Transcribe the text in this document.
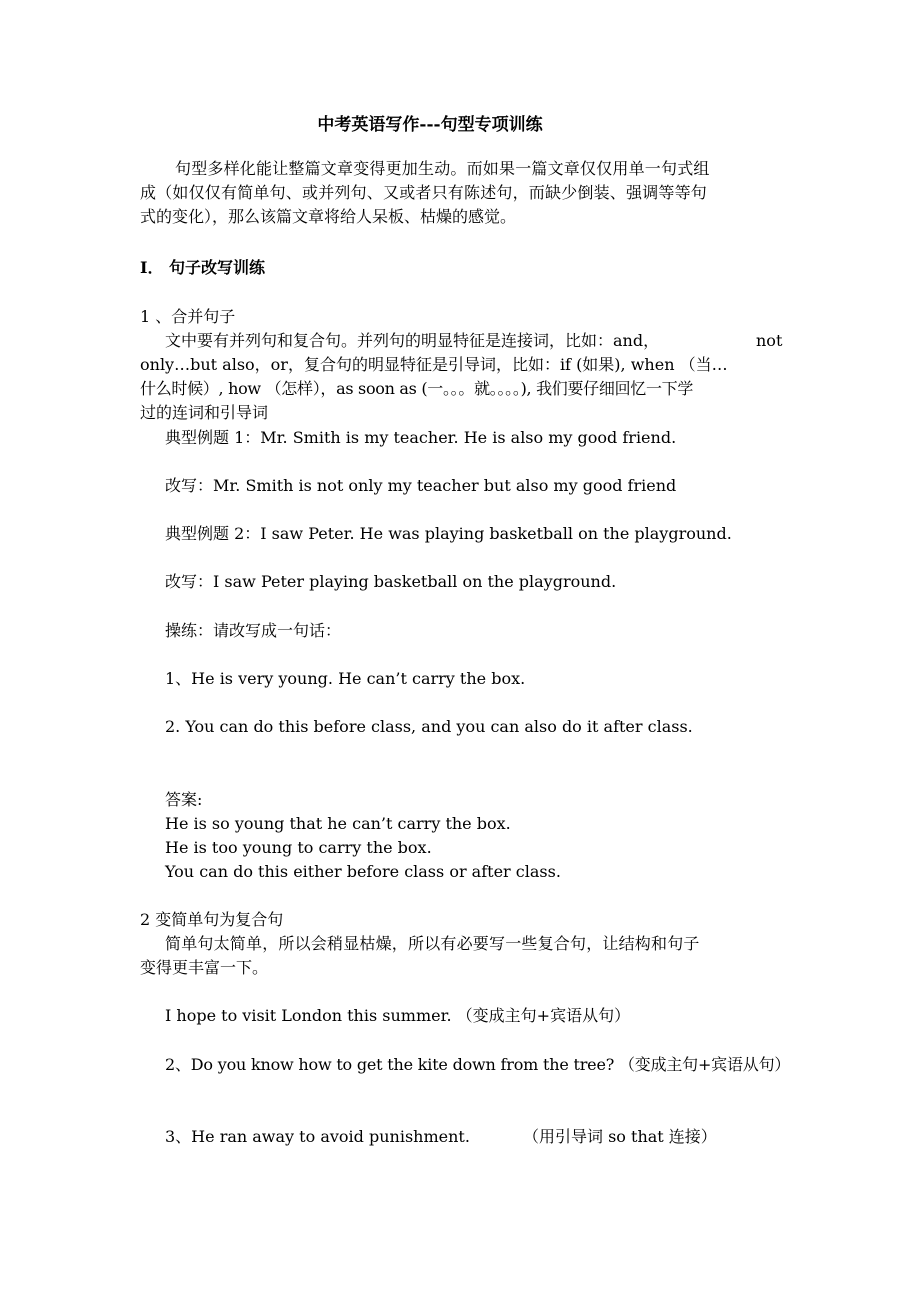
中考英语写作---句型专项训练
句型多样化能让整篇文章变得更加生动。而如果一篇文章仅仅用单一句式组
成（如仅仅有简单句、或并列句、又或者只有陈述句，而缺少倒装、强调等等句
式的变化），那么该篇文章将给人呆板、枯燥的感觉。
Ⅰ． 句子改写训练
1 、合并句子
文中要有并列句和复合句。并列句的明显特征是连接词，比如：and，	not
only…but also，or，复合句的明显特征是引导词，比如：if (如果), when （当…
什么时候）, how （怎样），as soon as (一。。。就。。。。), 我们要仔细回忆一下学
过的连词和引导词
典型例题 1：Mr. Smith is my teacher. He is also my good friend.
改写：Mr. Smith is not only my teacher but also my good friend
典型例题 2：I saw Peter. He was playing basketball on the playground.
改写：I saw Peter playing basketball on the playground.
操练：请改写成一句话：
1、He is very young. He can’t carry the box.
2. You can do this before class, and you can also do it after class.
答案:
He is so young that he can’t carry the box.
He is too young to carry the box.
You can do this either before class or after class.
2 变简单句为复合句
简单句太简单，所以会稍显枯燥，所以有必要写一些复合句，让结构和句子
变得更丰富一下。
I hope to visit London this summer. （变成主句+宾语从句）
2、Do you know how to get the kite down from the tree? （变成主句+宾语从句）
3、He ran away to avoid punishment.	（用引导词 so that 连接）
